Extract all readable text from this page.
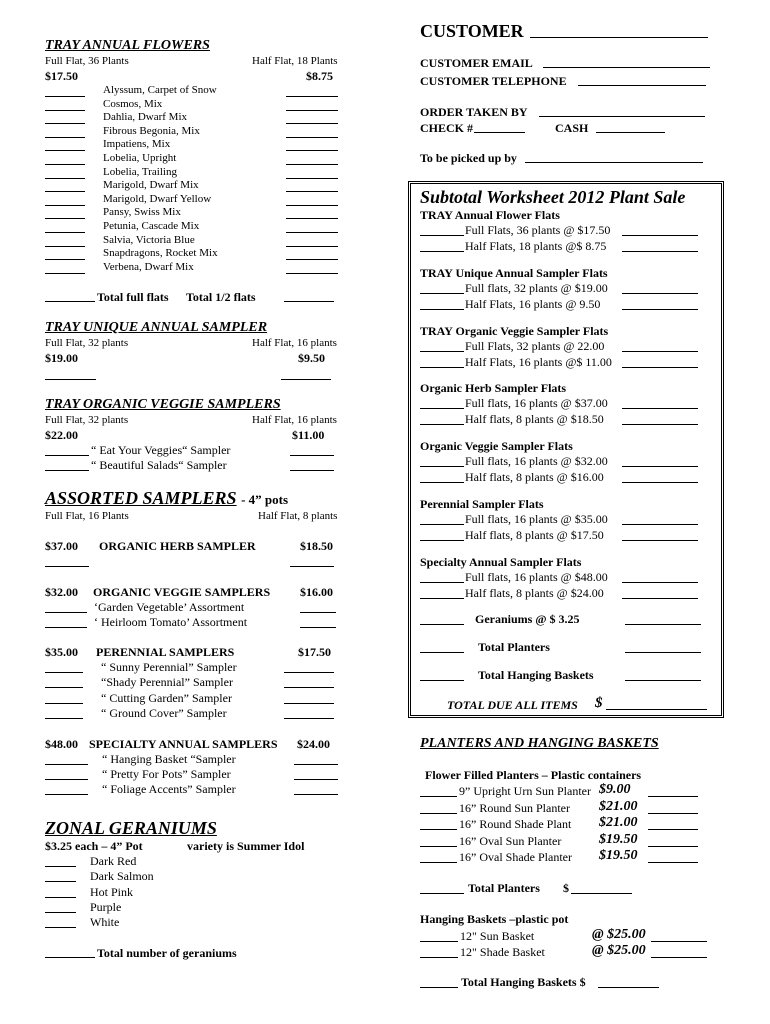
TRAY ANNUAL FLOWERS
Full Flat, 36 Plants	Half Flat, 18 Plants
$17.50	$8.75
Alyssum, Carpet of Snow
Cosmos, Mix
Dahlia, Dwarf Mix
Fibrous Begonia, Mix
Impatiens, Mix
Lobelia, Upright
Lobelia, Trailing
Marigold, Dwarf Mix
Marigold, Dwarf Yellow
Pansy, Swiss Mix
Petunia, Cascade Mix
Salvia, Victoria Blue
Snapdragons, Rocket Mix
Verbena, Dwarf Mix
Total full flats Total 1/2 flats
TRAY UNIQUE ANNUAL SAMPLER
Full Flat, 32 plants	Half Flat, 16 plants
$19.00	$9.50
TRAY ORGANIC VEGGIE SAMPLERS
Full Flat, 32 plants	Half Flat, 16 plants
$22.00	$11.00
“ Eat Your Veggies“ Sampler
“ Beautiful Salads“ Sampler
ASSORTED SAMPLERS - 4” pots
Full Flat, 16 Plants	Half Flat, 8 plants
$37.00 ORGANIC HERB SAMPLER	$18.50
$32.00 ORGANIC VEGGIE SAMPLERS $16.00
‘Garden Vegetable’ Assortment
‘ Heirloom Tomato’ Assortment
$35.00 PERENNIAL SAMPLERS	$17.50
“ Sunny Perennial” Sampler
“Shady Perennial” Sampler
“ Cutting Garden” Sampler
“ Ground Cover” Sampler
$48.00 SPECIALTY ANNUAL SAMPLERS $24.00
“ Hanging Basket “Sampler
“ Pretty For Pots” Sampler
“ Foliage Accents” Sampler
ZONAL GERANIUMS
$3.25 each – 4” Pot	variety is Summer Idol
Dark Red
Dark Salmon
Hot Pink
Purple
White
Total number of geraniums
CUSTOMER
CUSTOMER EMAIL
CUSTOMER TELEPHONE
ORDER TAKEN BY
CHECK #	CASH
To be picked up by
Subtotal Worksheet 2012 Plant Sale
TRAY Annual Flower Flats
Full Flats, 36 plants @ $17.50
Half Flats, 18 plants @$ 8.75
TRAY Unique Annual Sampler Flats
Full flats, 32 plants @ $19.00
Half Flats, 16 plants @ 9.50
TRAY Organic Veggie Sampler Flats
Full Flats, 32 plants @ 22.00
Half Flats, 16 plants @$ 11.00
Organic Herb Sampler Flats
Full flats, 16 plants @ $37.00
Half flats, 8 plants @ $18.50
Organic Veggie Sampler Flats
Full flats, 16 plants @ $32.00
Half flats, 8 plants @ $16.00
Perennial Sampler Flats
Full flats, 16 plants @ $35.00
Half flats, 8 plants @ $17.50
Specialty Annual Sampler Flats
Full flats, 16 plants @ $48.00
Half flats, 8 plants @ $24.00
Geraniums @ $ 3.25
Total Planters
Total Hanging Baskets
TOTAL DUE ALL ITEMS $
PLANTERS AND HANGING BASKETS
Flower Filled Planters – Plastic containers
9” Upright Urn Sun Planter $9.00
16” Round Sun Planter $21.00
16” Round Shade Plant $21.00
16” Oval Sun Planter	$19.50
16” Oval Shade Planter $19.50
Total Planters $
Hanging Baskets –plastic pot
12" Sun Basket	@ $25.00
12" Shade Basket	@ $25.00
Total Hanging Baskets $
